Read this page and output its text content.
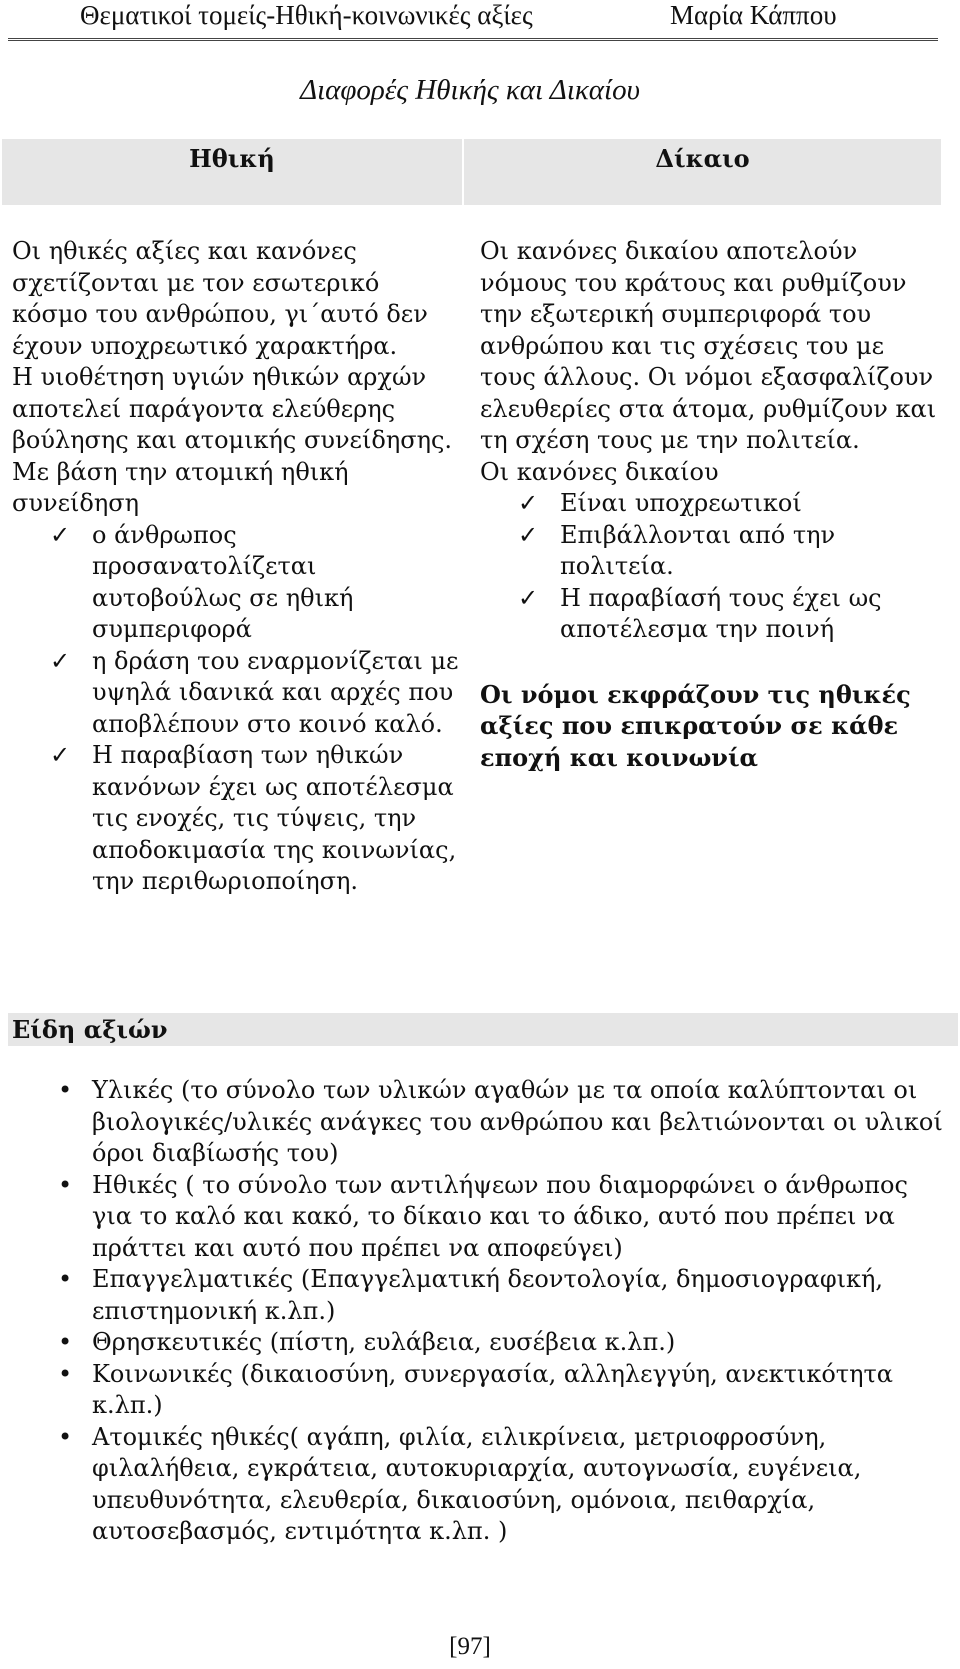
Θεματικοί τομείς-Ηθική-κοινωνικές αξίες	Μαρία Κάππου
Διαφορές Ηθικής και Δικαίου
Ηθική	Δίκαιο

Οι ηθικές αξίες και κανόνες σχετίζονται με τον εσωτερικό κόσμο του ανθρώπου, γι΄αυτό δεν έχουν υποχρεωτικό χαρακτήρα.

Η υιοθέτηση υγιών ηθικών αρχών αποτελεί παράγοντα ελεύθερης βούλησης και ατομικής συνείδησης.

Με βάση την ατομική ηθική συνείδηση

✓ ο άνθρωπος προσανατολίζεται αυτοβούλως σε ηθική συμπεριφορά
✓ η δράση του εναρμονίζεται με υψηλά ιδανικά και αρχές που αποβλέπουν στο κοινό καλό.
✓ Η παραβίαση των ηθικών κανόνων έχει ως αποτέλεσμα τις ενοχές, τις τύψεις, την αποδοκιμασία της κοινωνίας, την περιθωριοποίηση.

Οι κανόνες δικαίου αποτελούν νόμους του κράτους και ρυθμίζουν την εξωτερική συμπεριφορά του ανθρώπου και τις σχέσεις του με τους άλλους. Οι νόμοι εξασφαλίζουν ελευθερίες στα άτομα, ρυθμίζουν και τη σχέση τους με την πολιτεία.

Οι κανόνες δικαίου

✓ Είναι υποχρεωτικοί
✓ Επιβάλλονται από την πολιτεία.
✓ Η παραβίασή τους έχει ως αποτέλεσμα την ποινή

Οι νόμοι εκφράζουν τις ηθικές αξίες που επικρατούν σε κάθε εποχή και κοινωνία

Είδη αξιών
• Υλικές (το σύνολο των υλικών αγαθών με τα οποία καλύπτονται οι βιολογικές/υλικές ανάγκες του ανθρώπου και βελτιώνονται οι υλικοί όροι διαβίωσής του)
• Ηθικές ( το σύνολο των αντιλήψεων που διαμορφώνει ο άνθρωπος για το καλό και κακό, το δίκαιο και το άδικο, αυτό που πρέπει να πράττει και αυτό που πρέπει να αποφεύγει)
• Επαγγελματικές (Επαγγελματική δεοντολογία, δημοσιογραφική, επιστημονική κ.λπ.)
• Θρησκευτικές (πίστη, ευλάβεια, ευσέβεια κ.λπ.)
• Κοινωνικές (δικαιοσύνη, συνεργασία, αλληλεγγύη, ανεκτικότητα κ.λπ.)
• Ατομικές ηθικές( αγάπη, φιλία, ειλικρίνεια, μετριοφροσύνη, φιλαλήθεια, εγκράτεια, αυτοκυριαρχία, αυτογνωσία, ευγένεια, υπευθυνότητα, ελευθερία, δικαιοσύνη, ομόνοια, πειθαρχία, αυτοσεβασμός, εντιμότητα κ.λπ. )
[97]
